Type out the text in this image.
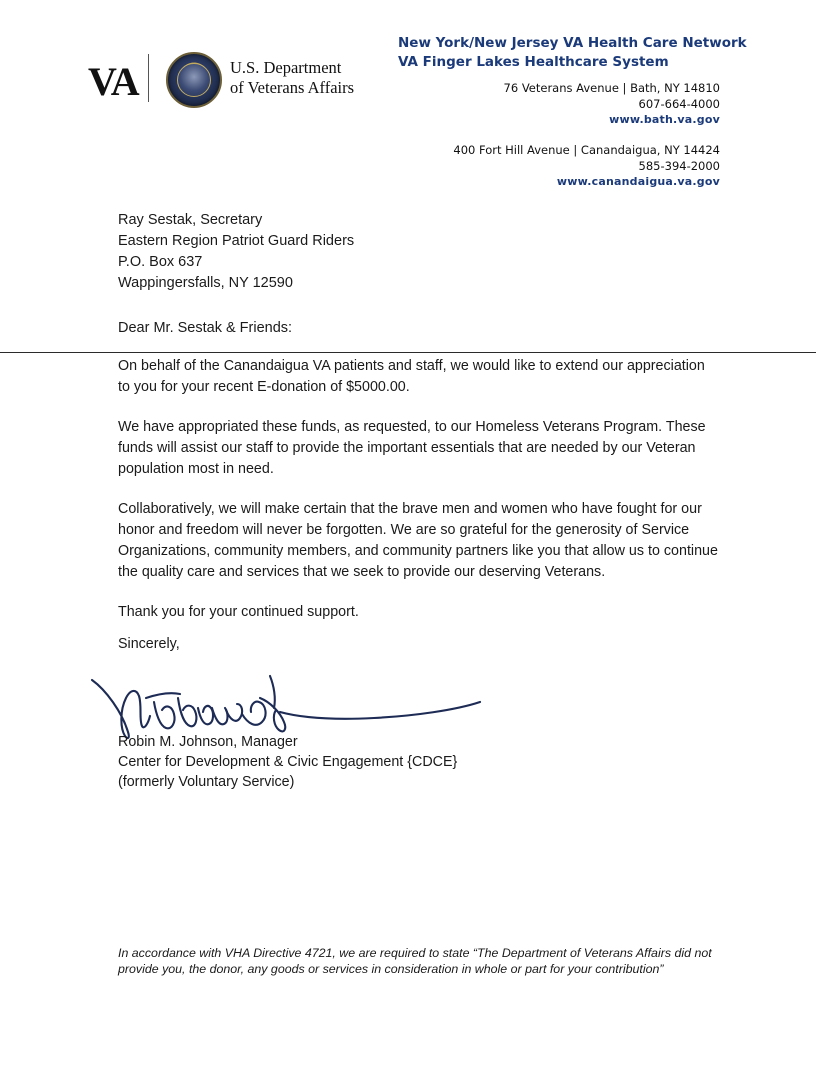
VA	U.S. Department
of Veterans Affairs
New York/New Jersey VA Health Care Network
VA Finger Lakes Healthcare System
76 Veterans Avenue | Bath, NY 14810
607-664-4000
www.bath.va.gov
400 Fort Hill Avenue | Canandaigua, NY 14424
585-394-2000
www.canandaigua.va.gov
Ray Sestak, Secretary
Eastern Region Patriot Guard Riders
P.O. Box 637
Wappingersfalls, NY 12590
Dear Mr. Sestak & Friends:

On behalf of the Canandaigua VA patients and staff, we would like to extend our appreciation to you for your recent E-donation of $5000.00.

We have appropriated these funds, as requested, to our Homeless Veterans Program. These funds will assist our staff to provide the important essentials that are needed by our Veteran population most in need.

Collaboratively, we will make certain that the brave men and women who have fought for our honor and freedom will never be forgotten. We are so grateful for the generosity of Service Organizations, community members, and community partners like you that allow us to continue the quality care and services that we seek to provide our deserving Veterans.

Thank you for your continued support.

Sincerely,
Robin M. Johnson, Manager
Center for Development & Civic Engagement {CDCE}
(formerly Voluntary Service)
In accordance with VHA Directive 4721, we are required to state “The Department of Veterans Affairs did not provide you, the donor, any goods or services in consideration in whole or part for your contribution”
